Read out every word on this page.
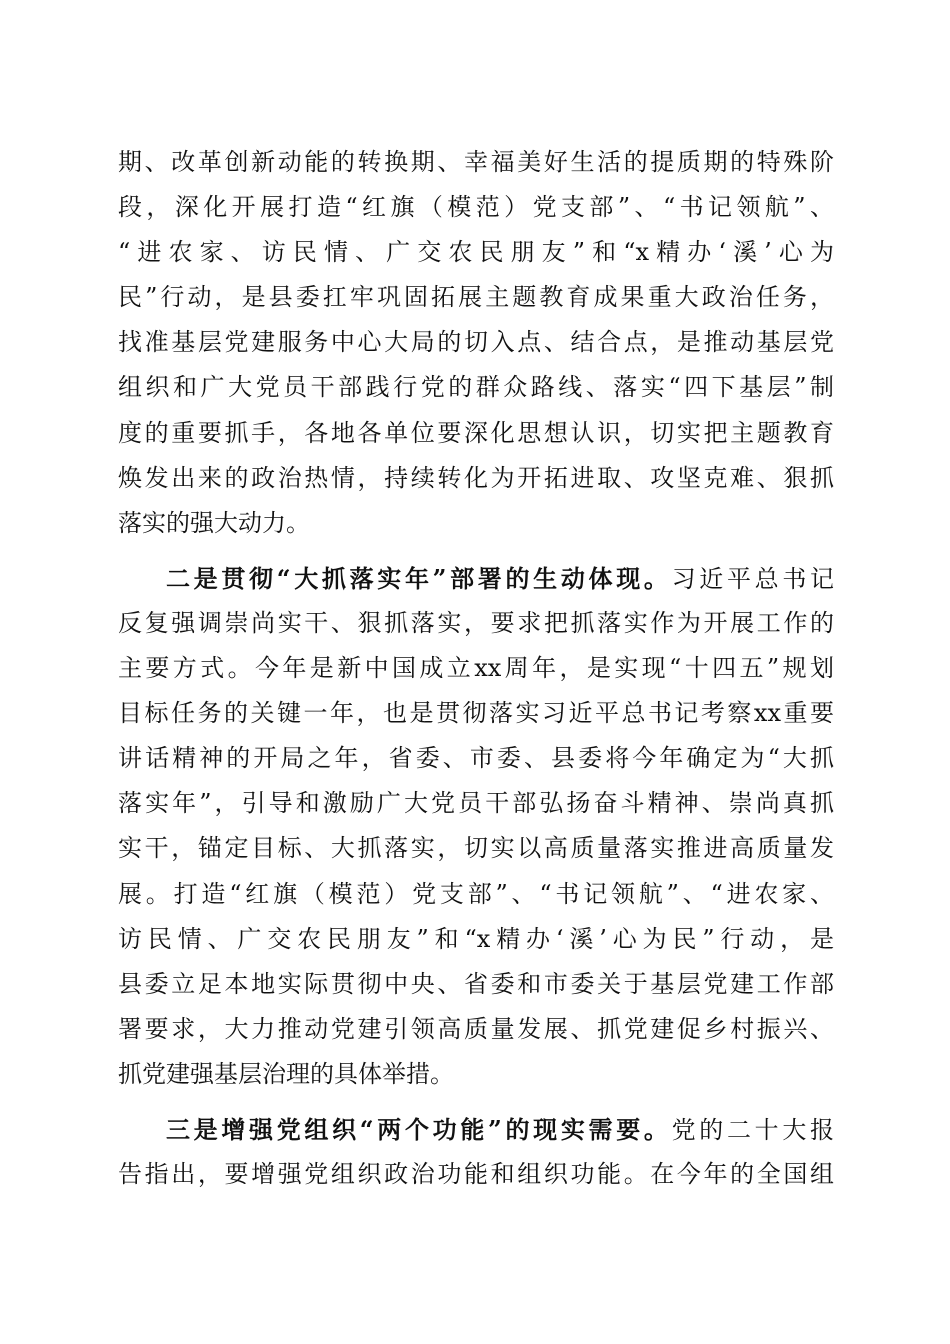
期、改革创新动能的转换期、幸福美好生活的提质期的特殊阶
段，深化开展打造“红旗（模范）党支部”、“书记领航”、
“进农家、访民情、广交农民朋友”和“x精办‘溪’心为
民”行动，是县委扛牢巩固拓展主题教育成果重大政治任务，
找准基层党建服务中心大局的切入点、结合点，是推动基层党
组织和广大党员干部践行党的群众路线、落实“四下基层”制
度的重要抓手，各地各单位要深化思想认识，切实把主题教育
焕发出来的政治热情，持续转化为开拓进取、攻坚克难、狠抓
落实的强大动力。
二是贯彻“大抓落实年”部署的生动体现。习近平总书记
反复强调崇尚实干、狠抓落实，要求把抓落实作为开展工作的
主要方式。今年是新中国成立xx周年，是实现“十四五”规划
目标任务的关键一年，也是贯彻落实习近平总书记考察xx重要
讲话精神的开局之年，省委、市委、县委将今年确定为“大抓
落实年”，引导和激励广大党员干部弘扬奋斗精神、崇尚真抓
实干，锚定目标、大抓落实，切实以高质量落实推进高质量发
展。打造“红旗（模范）党支部”、“书记领航”、“进农家、
访民情、广交农民朋友”和“x精办‘溪’心为民”行动，是
县委立足本地实际贯彻中央、省委和市委关于基层党建工作部
署要求，大力推动党建引领高质量发展、抓党建促乡村振兴、
抓党建强基层治理的具体举措。
三是增强党组织“两个功能”的现实需要。党的二十大报
告指出，要增强党组织政治功能和组织功能。在今年的全国组
